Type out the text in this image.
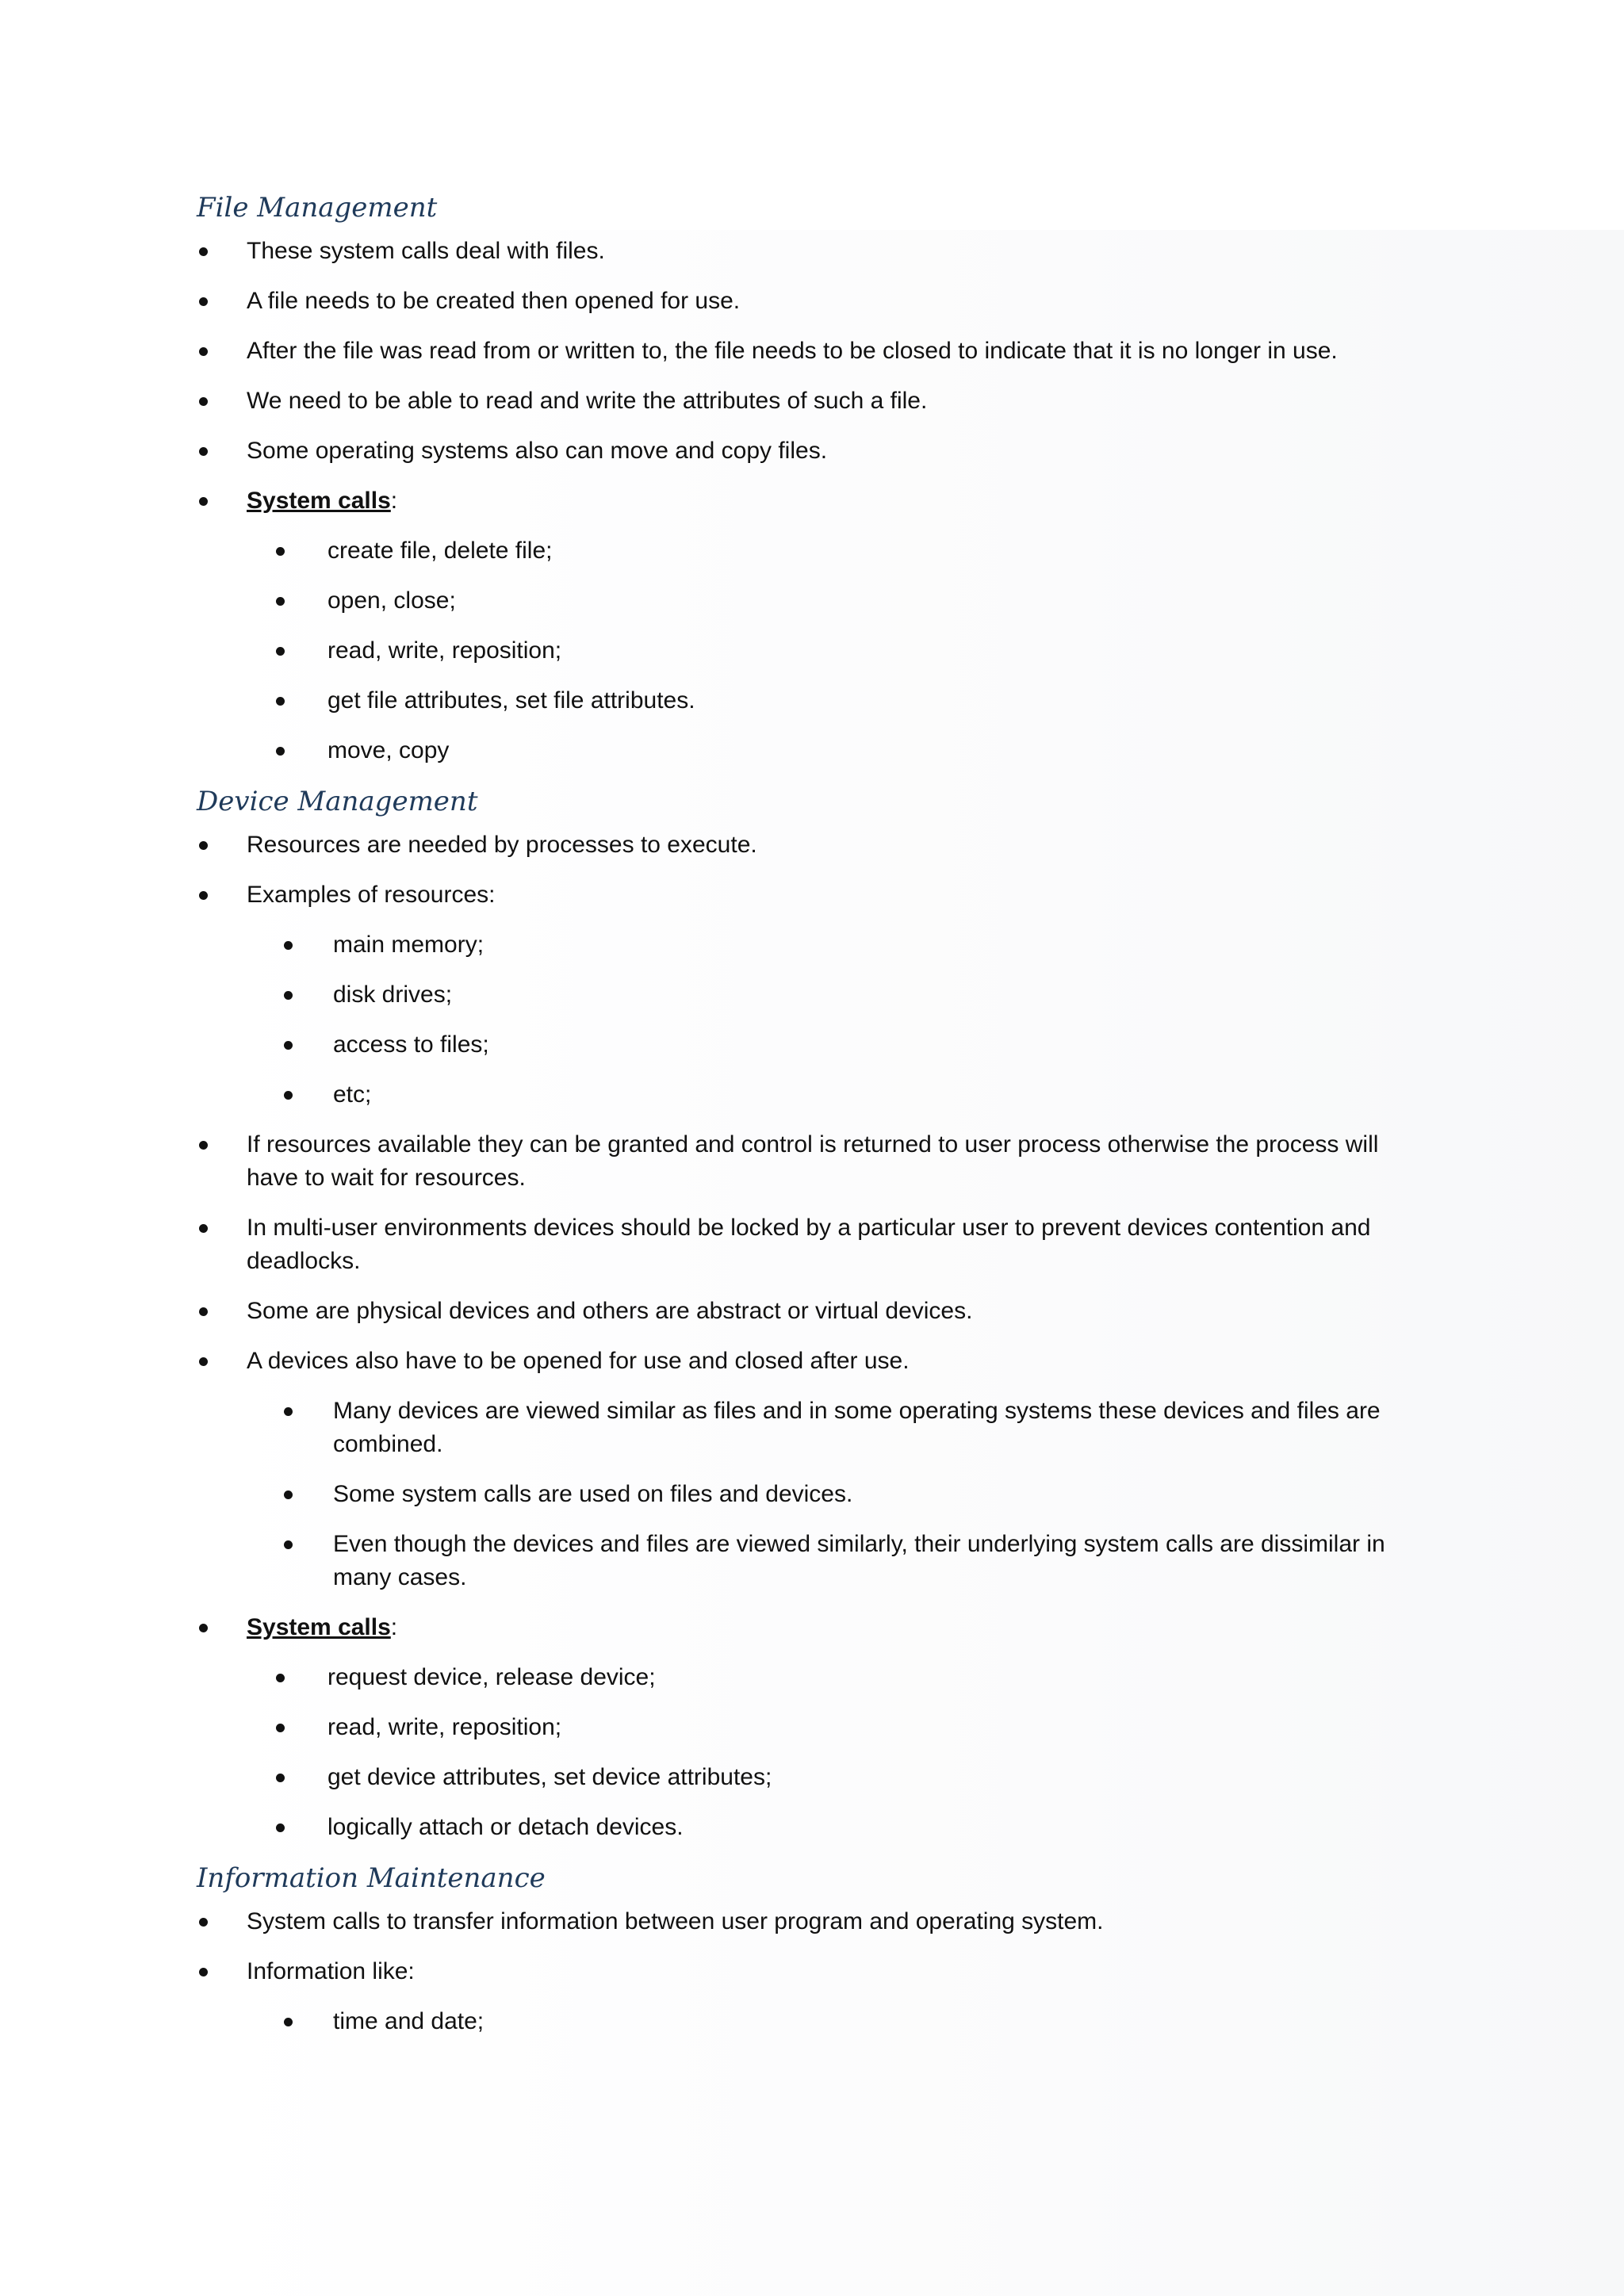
File Management
These system calls deal with files.
A file needs to be created then opened for use.
After the file was read from or written to, the file needs to be closed to indicate that it is no longer in use.
We need to be able to read and write the attributes of such a file.
Some operating systems also can move and copy files.
System calls:
create file, delete file;
open, close;
read, write, reposition;
get file attributes, set file attributes.
move, copy
Device Management
Resources are needed by processes to execute.
Examples of resources:
main memory;
disk drives;
access to files;
etc;
If resources available they can be granted and control is returned to user process otherwise the process will have to wait for resources.
In multi-user environments devices should be locked by a particular user to prevent devices contention and deadlocks.
Some are physical devices and others are abstract or virtual devices.
A devices also have to be opened for use and closed after use.
Many devices are viewed similar as files and in some operating systems these devices and files are combined.
Some system calls are used on files and devices.
Even though the devices and files are viewed similarly, their underlying system calls are dissimilar in many cases.
System calls:
request device, release device;
read, write, reposition;
get device attributes, set device attributes;
logically attach or detach devices.
Information Maintenance
System calls to transfer information between user program and operating system.
Information like:
time and date;
